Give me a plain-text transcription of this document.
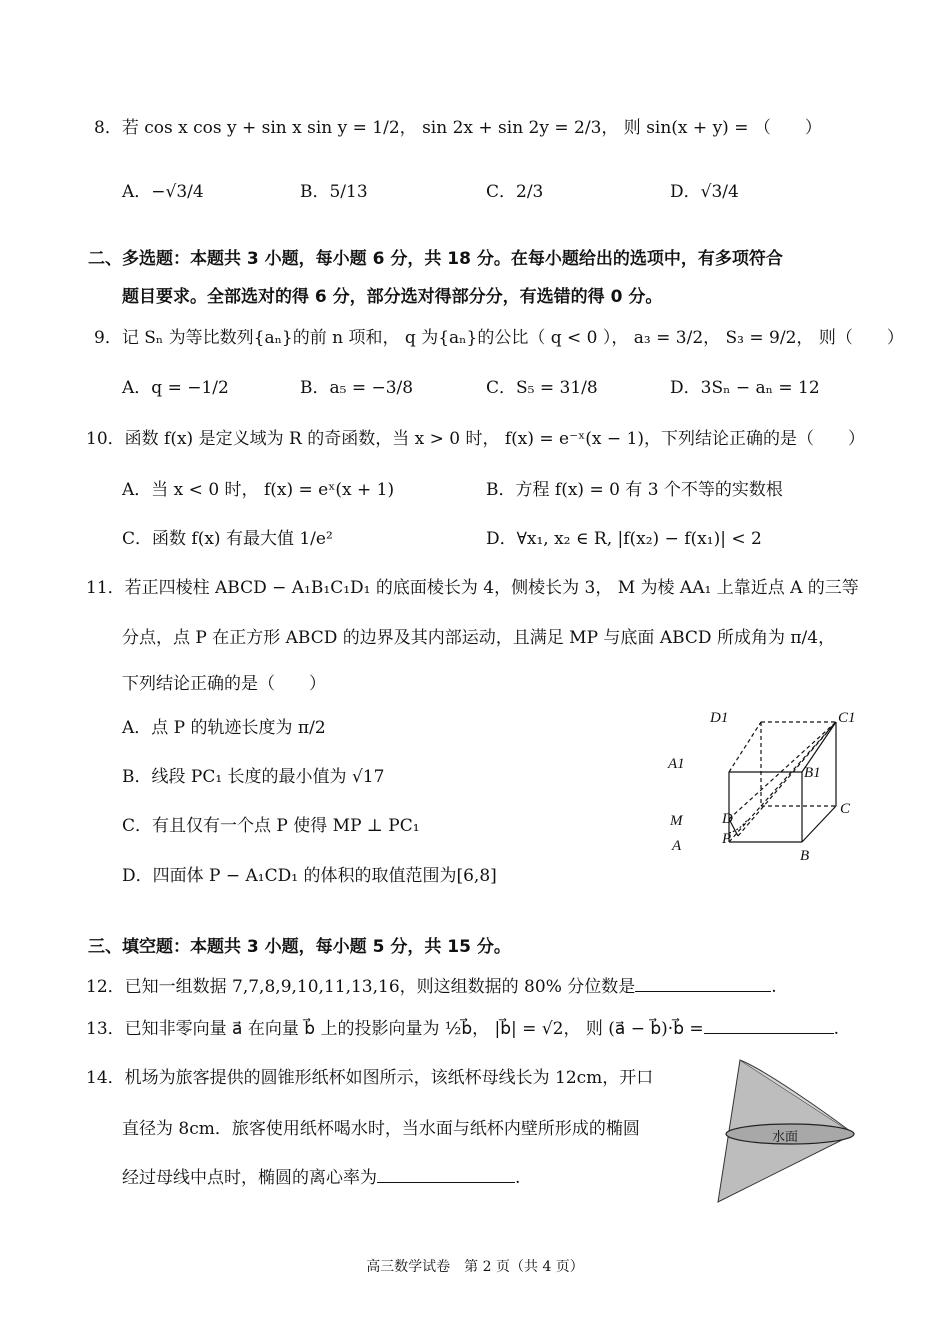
8．若 cos x cos y + sin x sin y = 1/2， sin 2x + sin 2y = 2/3， 则 sin(x + y) = （　　）
A．−√3/4	B．5/13	C．2/3	D．√3/4
二、多选题：本题共 3 小题，每小题 6 分，共 18 分。在每小题给出的选项中，有多项符合
题目要求。全部选对的得 6 分，部分选对得部分分，有选错的得 0 分。
9．记 Sₙ 为等比数列{aₙ}的前 n 项和， q 为{aₙ}的公比（ q < 0 ）， a₃ = 3/2， S₃ = 9/2， 则（　　）
A．q = −1/2	B．a₅ = −3/8	C．S₅ = 31/8	D．3Sₙ − aₙ = 12
10．函数 f(x) 是定义域为 R 的奇函数，当 x > 0 时， f(x) = e⁻ˣ(x − 1)，下列结论正确的是（　　）
A．当 x < 0 时， f(x) = eˣ(x + 1)	B．方程 f(x) = 0 有 3 个不等的实数根
C．函数 f(x) 有最大值 1/e²	D．∀x₁, x₂ ∈ R, |f(x₂) − f(x₁)| < 2
11．若正四棱柱 ABCD − A₁B₁C₁D₁ 的底面棱长为 4，侧棱长为 3， M 为棱 AA₁ 上靠近点 A 的三等
分点，点 P 在正方形 ABCD 的边界及其内部运动，且满足 MP 与底面 ABCD 所成角为 π/4，
下列结论正确的是（　　）
A．点 P 的轨迹长度为 π/2
B．线段 PC₁ 长度的最小值为 √17
C．有且仅有一个点 P 使得 MP ⊥ PC₁
D．四面体 P − A₁CD₁ 的体积的取值范围为[6,8]
D1	C1
A1
B1
M	D
C
A	P
B
三、填空题：本题共 3 小题，每小题 5 分，共 15 分。
12．已知一组数据 7,7,8,9,10,11,13,16，则这组数据的 80% 分位数是	.
13．已知非零向量 a⃗ 在向量 b⃗ 上的投影向量为 ½b⃗， |b⃗| = √2， 则 (a⃗ − b⃗)·b⃗ =	.
14．机场为旅客提供的圆锥形纸杯如图所示，该纸杯母线长为 12cm，开口
直径为 8cm．旅客使用纸杯喝水时，当水面与纸杯内壁所形成的椭圆
经过母线中点时，椭圆的离心率为	.
水面
高三数学试卷　第 2 页（共 4 页）
